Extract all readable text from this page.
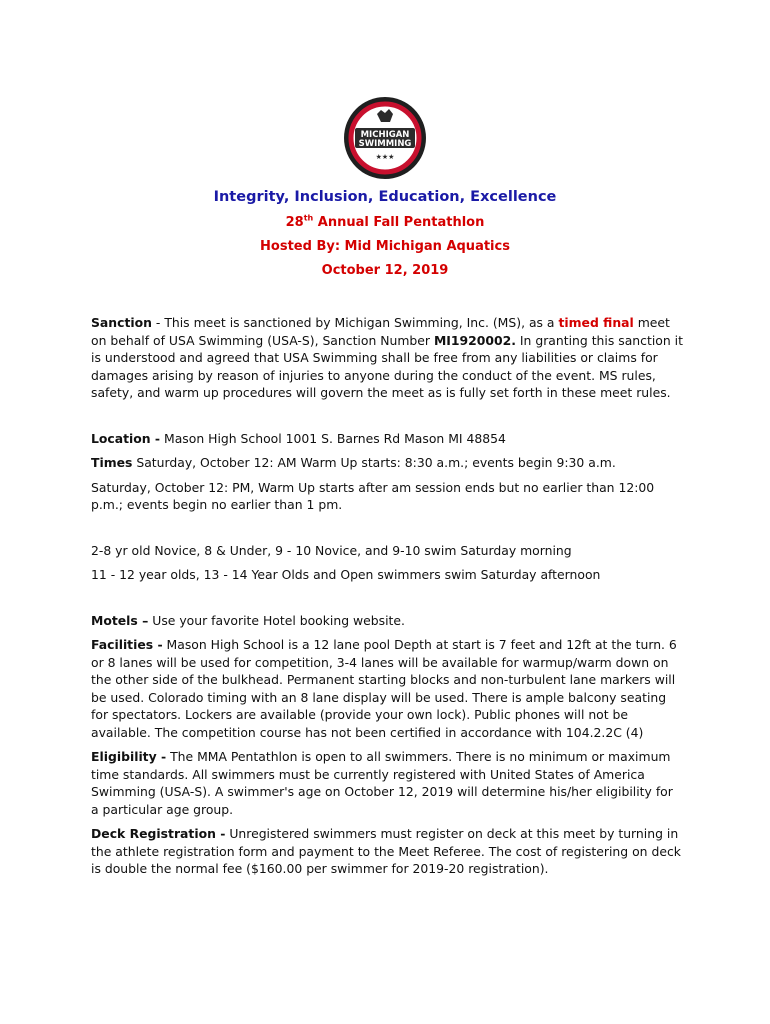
MICHIGAN
SWIMMING
★★★

Integrity, Inclusion, Education, Excellence

28th Annual Fall Pentathlon

Hosted By: Mid Michigan Aquatics

October 12, 2019

Sanction - This meet is sanctioned by Michigan Swimming, Inc. (MS), as a timed final meet on behalf of USA Swimming (USA-S), Sanction Number MI1920002. In granting this sanction it is understood and agreed that USA Swimming shall be free from any liabilities or claims for damages arising by reason of injuries to anyone during the conduct of the event. MS rules, safety, and warm up procedures will govern the meet as is fully set forth in these meet rules.

Location - Mason High School 1001 S. Barnes Rd Mason MI 48854

Times Saturday, October 12: AM Warm Up starts: 8:30 a.m.; events begin 9:30 a.m.

Saturday, October 12: PM, Warm Up starts after am session ends but no earlier than 12:00 p.m.; events begin no earlier than 1 pm.

2-8 yr old Novice, 8 & Under, 9 - 10 Novice, and 9-10 swim Saturday morning

11 - 12 year olds, 13 - 14 Year Olds and Open swimmers swim Saturday afternoon

Motels – Use your favorite Hotel booking website.

Facilities - Mason High School is a 12 lane pool Depth at start is 7 feet and 12ft at the turn. 6 or 8 lanes will be used for competition, 3-4 lanes will be available for warmup/warm down on the other side of the bulkhead. Permanent starting blocks and non-turbulent lane markers will be used. Colorado timing with an 8 lane display will be used. There is ample balcony seating for spectators. Lockers are available (provide your own lock). Public phones will not be available. The competition course has not been certified in accordance with 104.2.2C (4)

Eligibility - The MMA Pentathlon is open to all swimmers. There is no minimum or maximum time standards. All swimmers must be currently registered with United States of America Swimming (USA-S). A swimmer's age on October 12, 2019 will determine his/her eligibility for a particular age group.

Deck Registration - Unregistered swimmers must register on deck at this meet by turning in the athlete registration form and payment to the Meet Referee. The cost of registering on deck is double the normal fee ($160.00 per swimmer for 2019-20 registration).
